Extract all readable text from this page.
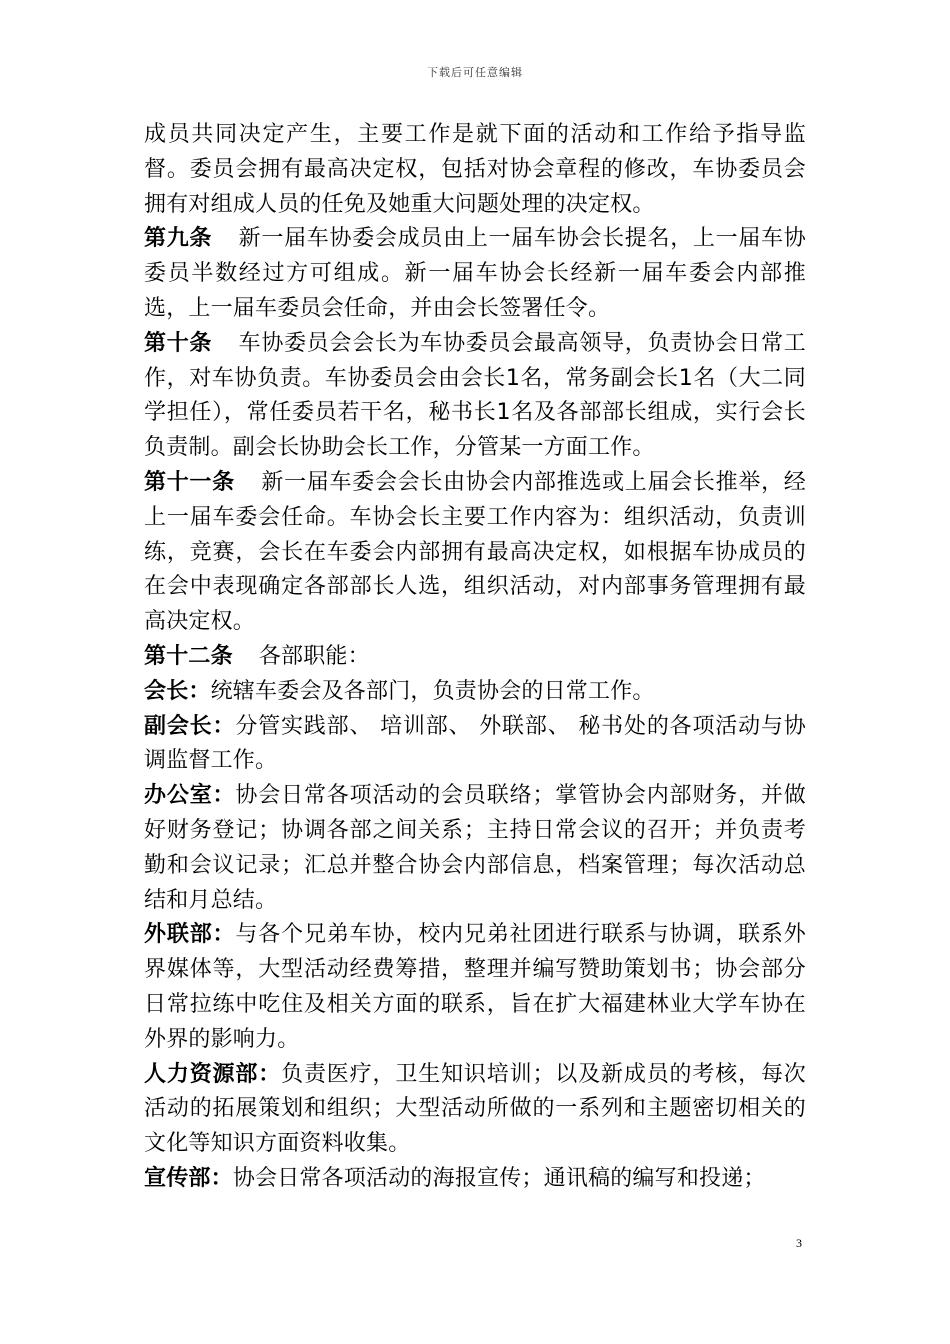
下载后可任意编辑

成员共同决定产生，主要工作是就下面的活动和工作给予指导监督。委员会拥有最高决定权，包括对协会章程的修改，车协委员会拥有对组成人员的任免及她重大问题处理的决定权。

第九条 新一届车协委会成员由上一届车协会长提名，上一届车协委员半数经过方可组成。新一届车协会长经新一届车委会内部推选，上一届车委员会任命，并由会长签署任令。

第十条 车协委员会会长为车协委员会最高领导，负责协会日常工作，对车协负责。车协委员会由会长1名，常务副会长1名（大二同学担任），常任委员若干名，秘书长1名及各部部长组成，实行会长负责制。副会长协助会长工作，分管某一方面工作。

第十一条 新一届车委会会长由协会内部推选或上届会长推举，经上一届车委会任命。车协会长主要工作内容为：组织活动，负责训练，竞赛，会长在车委会内部拥有最高决定权，如根据车协成员的在会中表现确定各部部长人选，组织活动，对内部事务管理拥有最高决定权。

第十二条 各部职能：

会长：统辖车委会及各部门，负责协会的日常工作。

副会长：分管实践部、 培训部、 外联部、 秘书处的各项活动与协调监督工作。

办公室：协会日常各项活动的会员联络；掌管协会内部财务，并做好财务登记；协调各部之间关系；主持日常会议的召开；并负责考勤和会议记录；汇总并整合协会内部信息，档案管理；每次活动总结和月总结。

外联部：与各个兄弟车协，校内兄弟社团进行联系与协调，联系外界媒体等，大型活动经费筹措，整理并编写赞助策划书；协会部分日常拉练中吃住及相关方面的联系，旨在扩大福建林业大学车协在外界的影响力。

人力资源部：负责医疗，卫生知识培训；以及新成员的考核，每次活动的拓展策划和组织；大型活动所做的一系列和主题密切相关的文化等知识方面资料收集。

宣传部：协会日常各项活动的海报宣传；通讯稿的编写和投递；

3
